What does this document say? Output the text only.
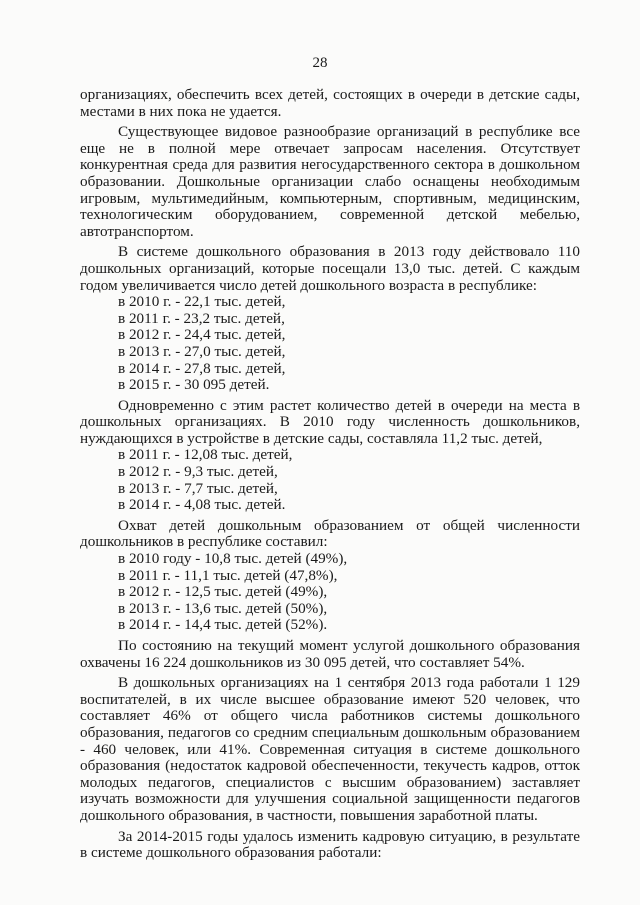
28

организациях, обеспечить всех детей, состоящих в очереди в детские сады, местами в них пока не удается.

Существующее видовое разнообразие организаций в республике все еще не в полной мере отвечает запросам населения. Отсутствует конкурентная среда для развития негосударственного сектора в дошкольном образовании. Дошкольные организации слабо оснащены необходимым игровым, мультимедийным, компьютерным, спортивным, медицинским, технологическим оборудованием, современной детской мебелью, автотранспортом.

В системе дошкольного образования в 2013 году действовало 110 дошкольных организаций, которые посещали 13,0 тыс. детей. С каждым годом увеличивается число детей дошкольного возраста в республике:

в 2010 г. - 22,1 тыс. детей,

в 2011 г. - 23,2 тыс. детей,

в 2012 г. - 24,4 тыс. детей,

в 2013 г. - 27,0 тыс. детей,

в 2014 г. - 27,8 тыс. детей,

в 2015 г. - 30 095 детей.

Одновременно с этим растет количество детей в очереди на места в дошкольных организациях. В 2010 году численность дошкольников, нуждающихся в устройстве в детские сады, составляла 11,2 тыс. детей,

в 2011 г. - 12,08 тыс. детей,

в 2012 г. - 9,3 тыс. детей,

в 2013 г. - 7,7 тыс. детей,

в 2014 г. - 4,08 тыс. детей.

Охват детей дошкольным образованием от общей численности дошкольников в республике составил:

в 2010 году - 10,8 тыс. детей (49%),

в 2011 г. - 11,1 тыс. детей (47,8%),

в 2012 г. - 12,5 тыс. детей (49%),

в 2013 г. - 13,6 тыс. детей (50%),

в 2014 г. - 14,4 тыс. детей (52%).

По состоянию на текущий момент услугой дошкольного образования охвачены 16 224 дошкольников из 30 095 детей, что составляет 54%.

В дошкольных организациях на 1 сентября 2013 года работали 1 129 воспитателей, в их числе высшее образование имеют 520 человек, что составляет 46% от общего числа работников системы дошкольного образования, педагогов со средним специальным дошкольным образованием - 460 человек, или 41%. Современная ситуация в системе дошкольного образования (недостаток кадровой обеспеченности, текучесть кадров, отток молодых педагогов, специалистов с высшим образованием) заставляет изучать возможности для улучшения социальной защищенности педагогов дошкольного образования, в частности, повышения заработной платы.

За 2014-2015 годы удалось изменить кадровую ситуацию, в результате в системе дошкольного образования работали:
